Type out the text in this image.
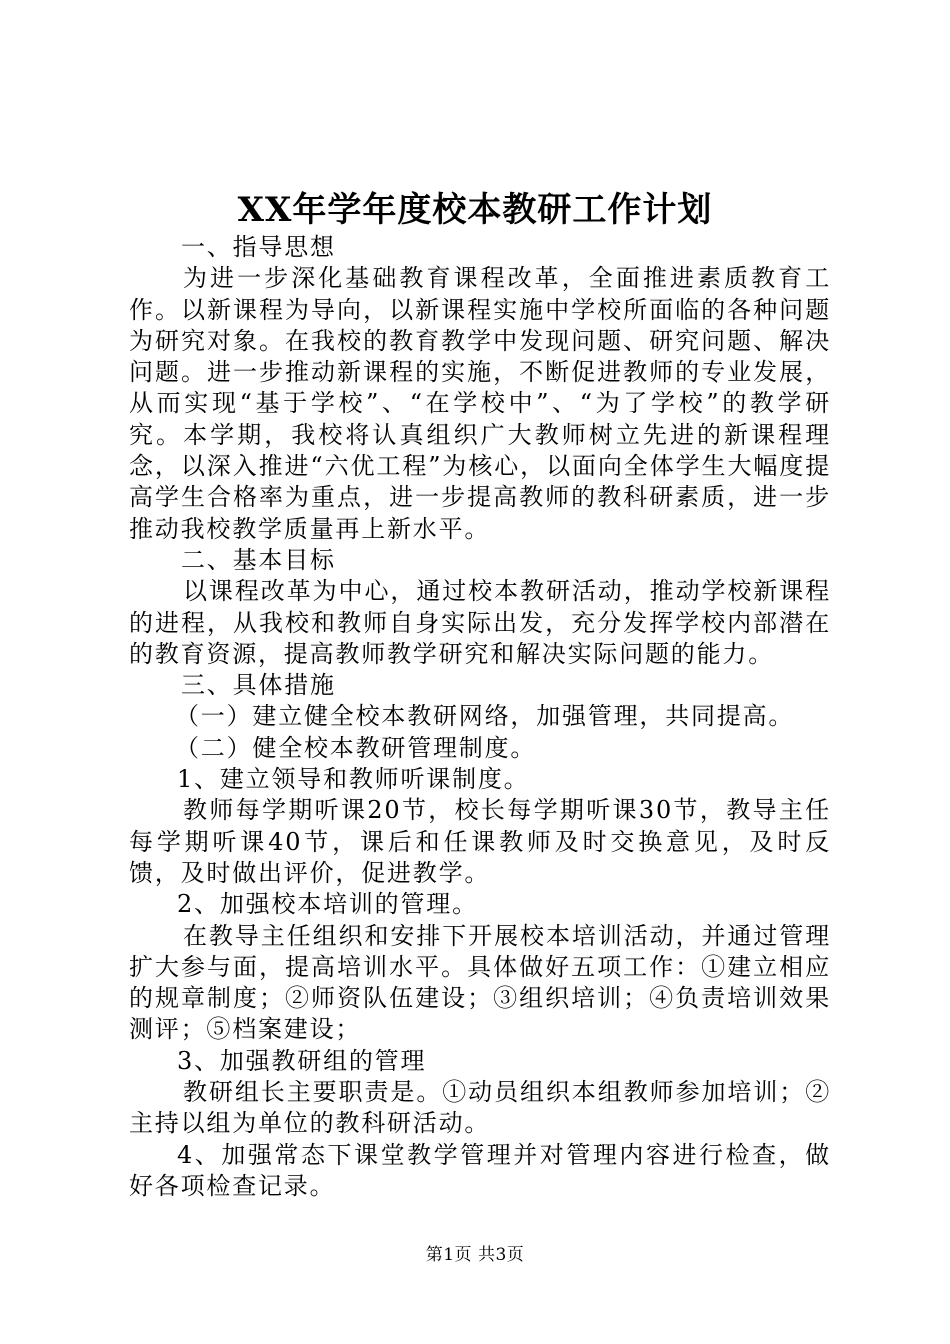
XX年学年度校本教研工作计划

一、指导思想

为进一步深化基础教育课程改革，全面推进素质教育工作。以新课程为导向，以新课程实施中学校所面临的各种问题为研究对象。在我校的教育教学中发现问题、研究问题、解决问题。进一步推动新课程的实施，不断促进教师的专业发展，从而实现“基于学校”、“在学校中”、“为了学校”的教学研究。本学期，我校将认真组织广大教师树立先进的新课程理念，以深入推进“六优工程”为核心，以面向全体学生大幅度提高学生合格率为重点，进一步提高教师的教科研素质，进一步推动我校教学质量再上新水平。

二、基本目标

以课程改革为中心，通过校本教研活动，推动学校新课程的进程，从我校和教师自身实际出发，充分发挥学校内部潜在的教育资源，提高教师教学研究和解决实际问题的能力。

三、具体措施

（一）建立健全校本教研网络，加强管理，共同提高。

（二）健全校本教研管理制度。

1、建立领导和教师听课制度。

教师每学期听课20节，校长每学期听课30节，教导主任每学期听课40节，课后和任课教师及时交换意见，及时反馈，及时做出评价，促进教学。

2、加强校本培训的管理。

在教导主任组织和安排下开展校本培训活动，并通过管理扩大参与面，提高培训水平。具体做好五项工作：①建立相应的规章制度；②师资队伍建设；③组织培训；④负责培训效果测评；⑤档案建设；

3、加强教研组的管理

教研组长主要职责是。①动员组织本组教师参加培训；②主持以组为单位的教科研活动。

4、加强常态下课堂教学管理并对管理内容进行检查，做好各项检查记录。

第1页 共3页
